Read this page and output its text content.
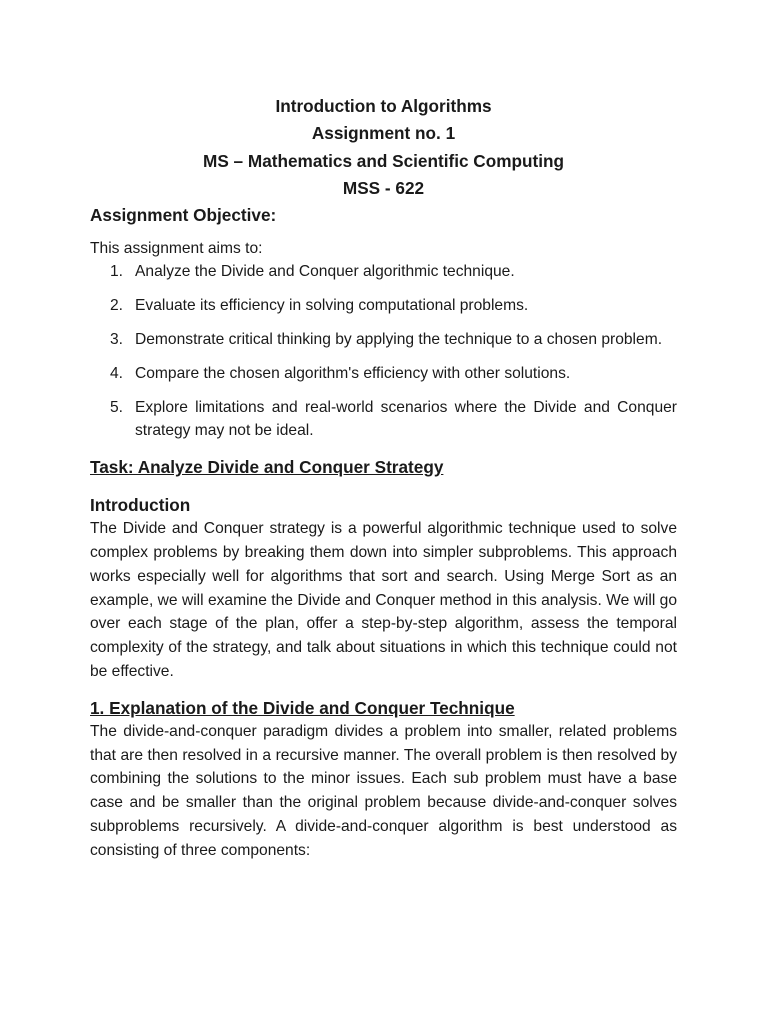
Introduction to Algorithms
Assignment no. 1
MS – Mathematics and Scientific Computing
MSS - 622
Assignment Objective:

This assignment aims to:

1. Analyze the Divide and Conquer algorithmic technique.
2. Evaluate its efficiency in solving computational problems.
3. Demonstrate critical thinking by applying the technique to a chosen problem.
4. Compare the chosen algorithm's efficiency with other solutions.
5. Explore limitations and real-world scenarios where the Divide and Conquer strategy may not be ideal.
Task: Analyze Divide and Conquer Strategy
Introduction

The Divide and Conquer strategy is a powerful algorithmic technique used to solve complex problems by breaking them down into simpler subproblems. This approach works especially well for algorithms that sort and search. Using Merge Sort as an example, we will examine the Divide and Conquer method in this analysis. We will go over each stage of the plan, offer a step-by-step algorithm, assess the temporal complexity of the strategy, and talk about situations in which this technique could not be effective.

1. Explanation of the Divide and Conquer Technique

The divide-and-conquer paradigm divides a problem into smaller, related problems that are then resolved in a recursive manner. The overall problem is then resolved by combining the solutions to the minor issues. Each sub problem must have a base case and be smaller than the original problem because divide-and-conquer solves subproblems recursively. A divide-and-conquer algorithm is best understood as consisting of three components:
